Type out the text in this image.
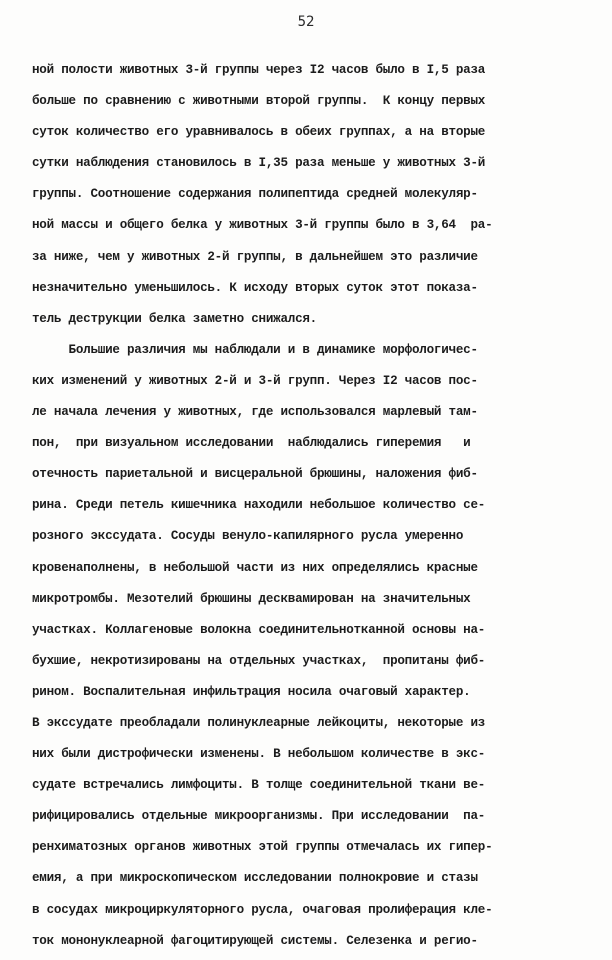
52
ной полости животных 3-й группы через I2 часов было в I,5 раза
больше по сравнению с животными второй группы.  К концу первых
суток количество его уравнивалось в обеих группах, а на вторые
сутки наблюдения становилось в I,35 раза меньше у животных 3-й
группы. Соотношение содержания полипептида средней молекуляр-
ной массы и общего белка у животных 3-й группы было в 3,64  ра-
за ниже, чем у животных 2-й группы, в дальнейшем это различие
незначительно уменьшилось. К исходу вторых суток этот показа-
тель деструкции белка заметно снижался.
Большие различия мы наблюдали и в динамике морфологичес-
ких изменений у животных 2-й и 3-й групп. Через I2 часов пос-
ле начала лечения у животных, где использовался марлевый там-
пон,  при визуальном исследовании  наблюдались гиперемия   и
отечность париетальной и висцеральной брюшины, наложения фиб-
рина. Среди петель кишечника находили небольшое количество се-
розного экссудата. Сосуды венуло-капилярного русла умеренно
кровенаполнены, в небольшой части из них определялись красные
микротромбы. Мезотелий брюшины десквамирован на значительных
участках. Коллагеновые волокна соединительнотканной основы на-
бухшие, некротизированы на отдельных участках,  пропитаны фиб-
рином. Воспалительная инфильтрация носила очаговый характер.
В экссудате преобладали полинуклеарные лейкоциты, некоторые из
них были дистрофически изменены. В небольшом количестве в экс-
судате встречались лимфоциты. В толще соединительной ткани ве-
рифицировались отдельные микроорганизмы. При исследовании  па-
ренхиматозных органов животных этой группы отмечалась их гипер-
емия, а при микроскопическом исследовании полнокровие и стазы
в сосудах микроциркуляторного русла, очаговая пролиферация кле-
ток мононуклеарной фагоцитирующей системы. Селезенка и регио-
